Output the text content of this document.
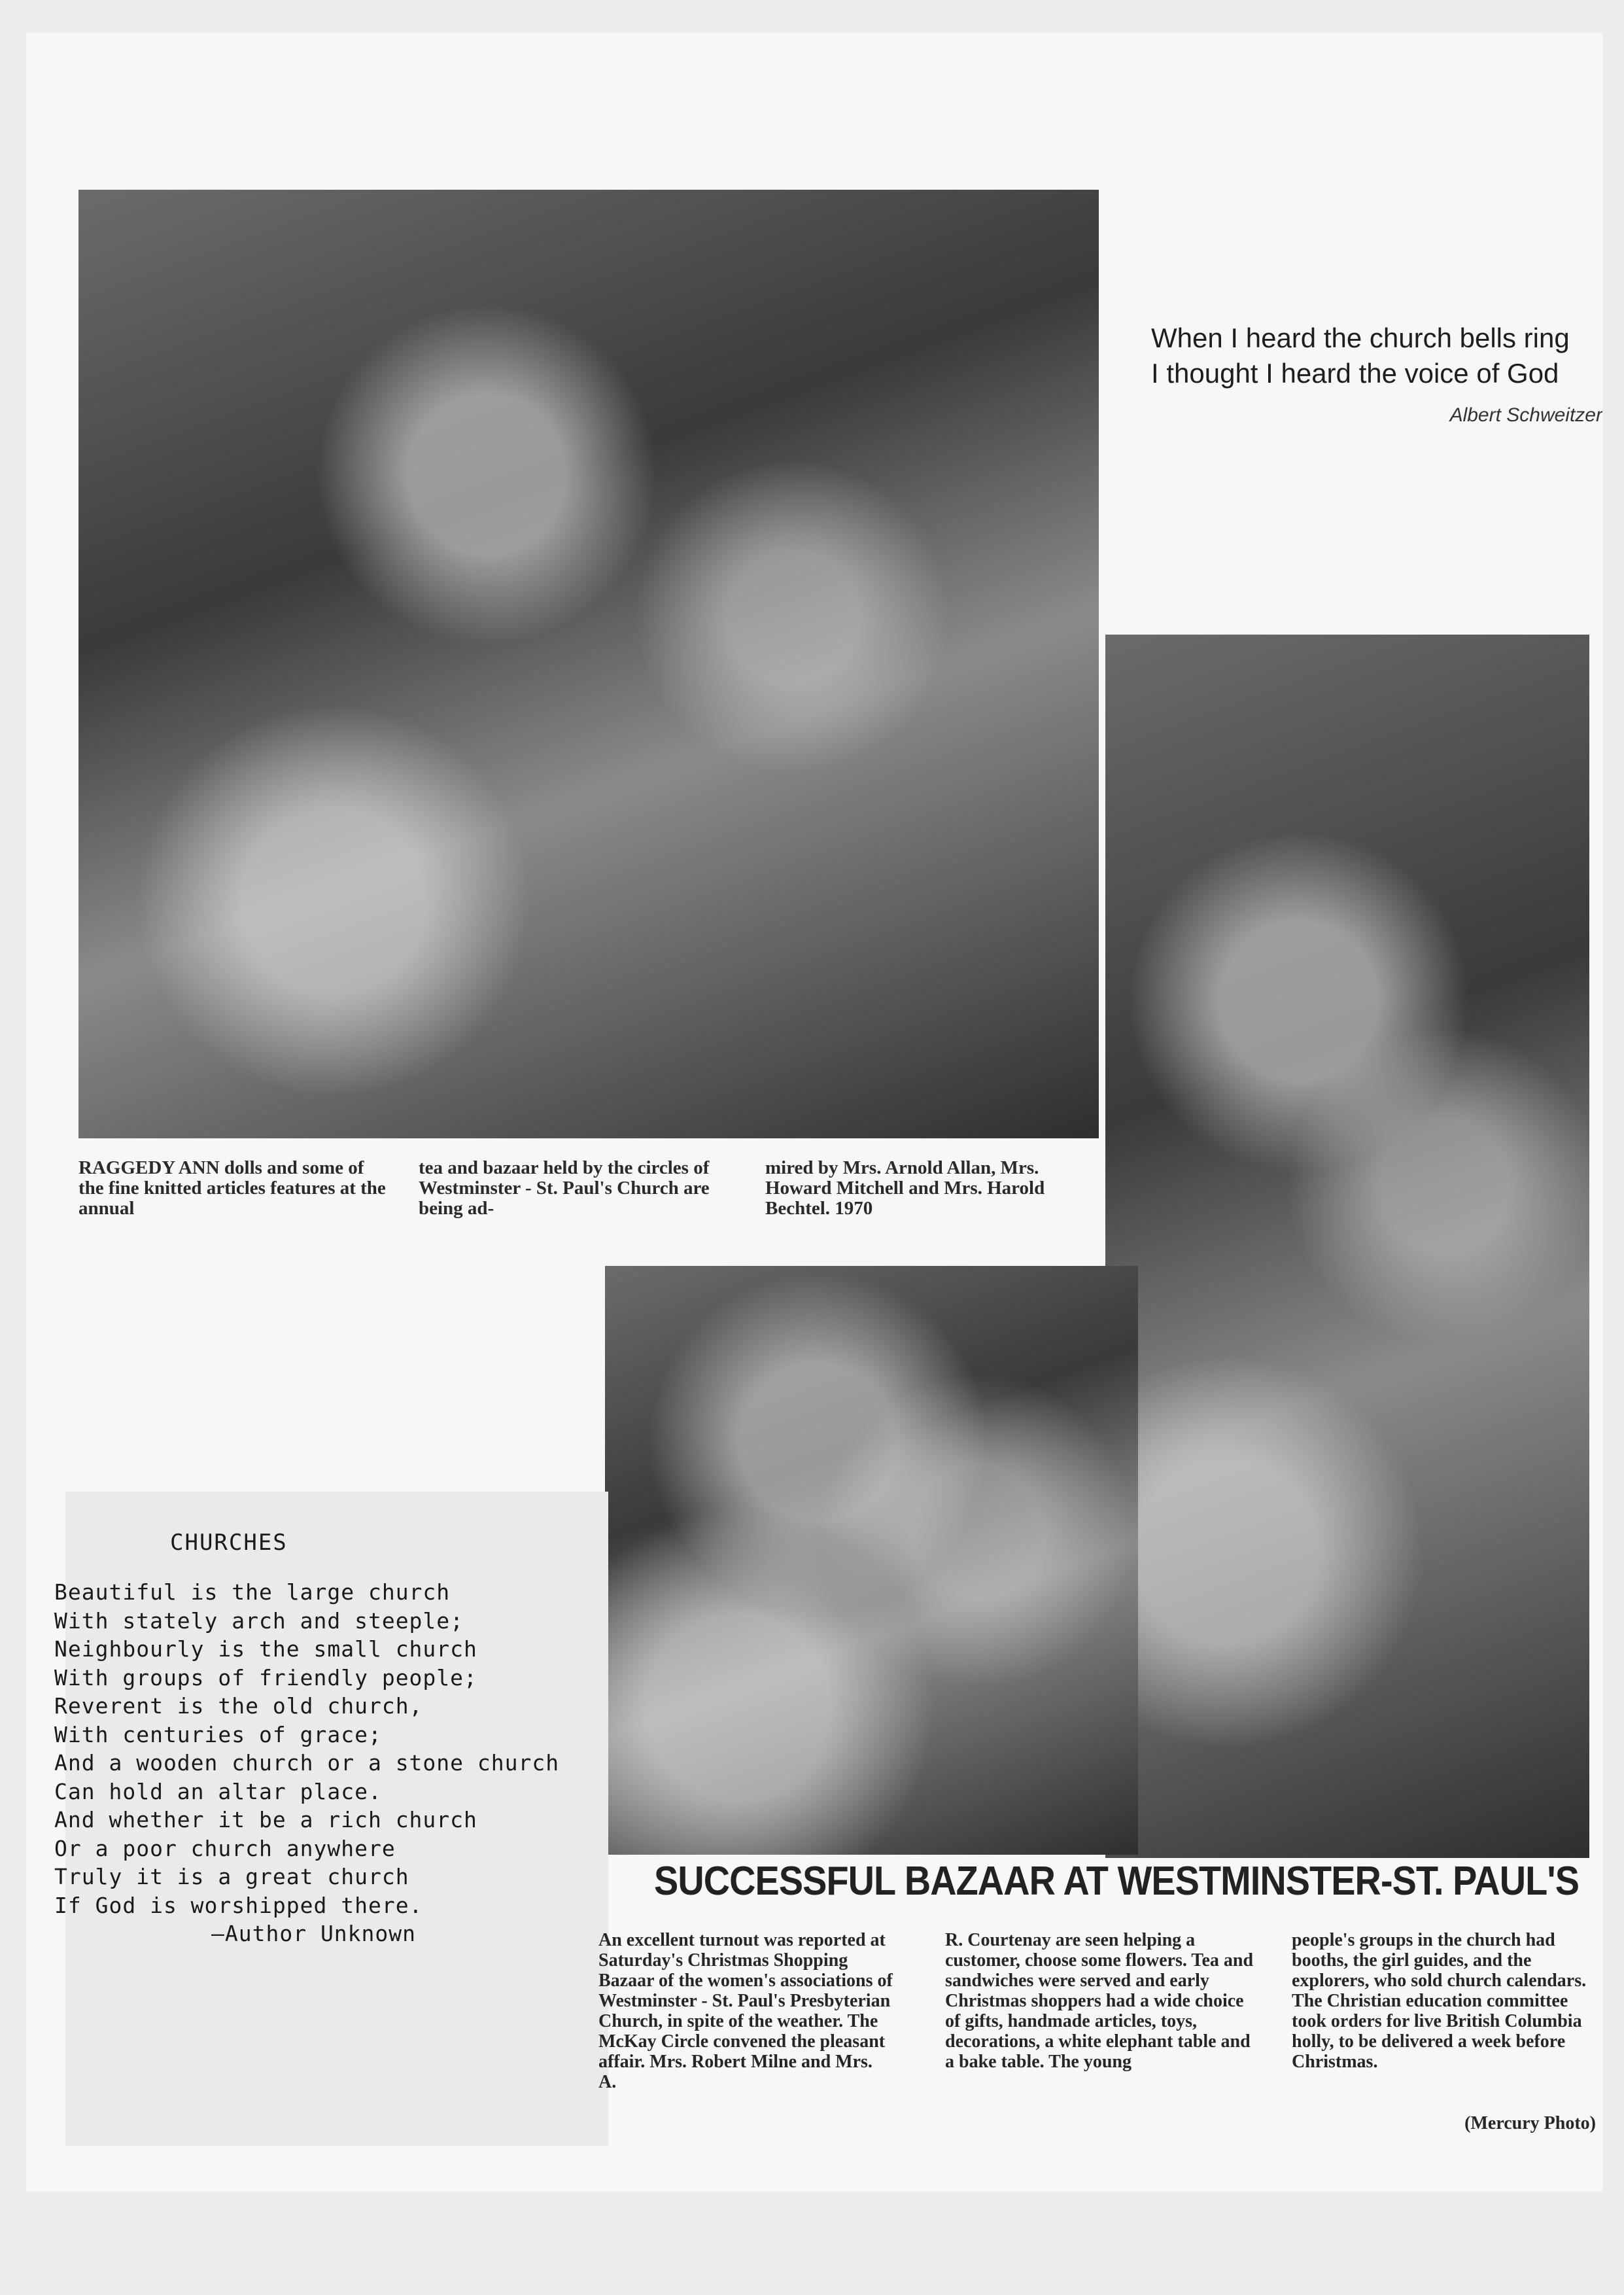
RAGGEDY ANN dolls and some of the fine knitted articles features at the annual
tea and bazaar held by the circles of Westminster - St. Paul's Church are being ad-
mired by Mrs. Arnold Allan, Mrs. Howard Mitchell and Mrs. Harold Bechtel. 1970
When I heard the church bells ring
I thought I heard the voice of God
Albert Schweitzer
CHURCHES
Beautiful is the large church
With stately arch and steeple;
Neighbourly is the small church
With groups of friendly people;
Reverent is the old church,
With centuries of grace;
And a wooden church or a stone church
Can hold an altar place.
And whether it be a rich church
Or a poor church anywhere
Truly it is a great church
If God is worshipped there.
—Author Unknown
SUCCESSFUL BAZAAR AT WESTMINSTER-ST. PAUL'S
An excellent turnout was reported at Saturday's Christmas Shopping Bazaar of the women's associations of Westminster - St. Paul's Presbyterian Church, in spite of the weather. The McKay Circle convened the pleasant affair. Mrs. Robert Milne and Mrs. A.
R. Courtenay are seen helping a customer, choose some flowers. Tea and sandwiches were served and early Christmas shoppers had a wide choice of gifts, handmade articles, toys, decorations, a white elephant table and a bake table. The young
people's groups in the church had booths, the girl guides, and the explorers, who sold church calendars. The Christian education committee took orders for live British Columbia holly, to be delivered a week before Christmas.
(Mercury Photo)
